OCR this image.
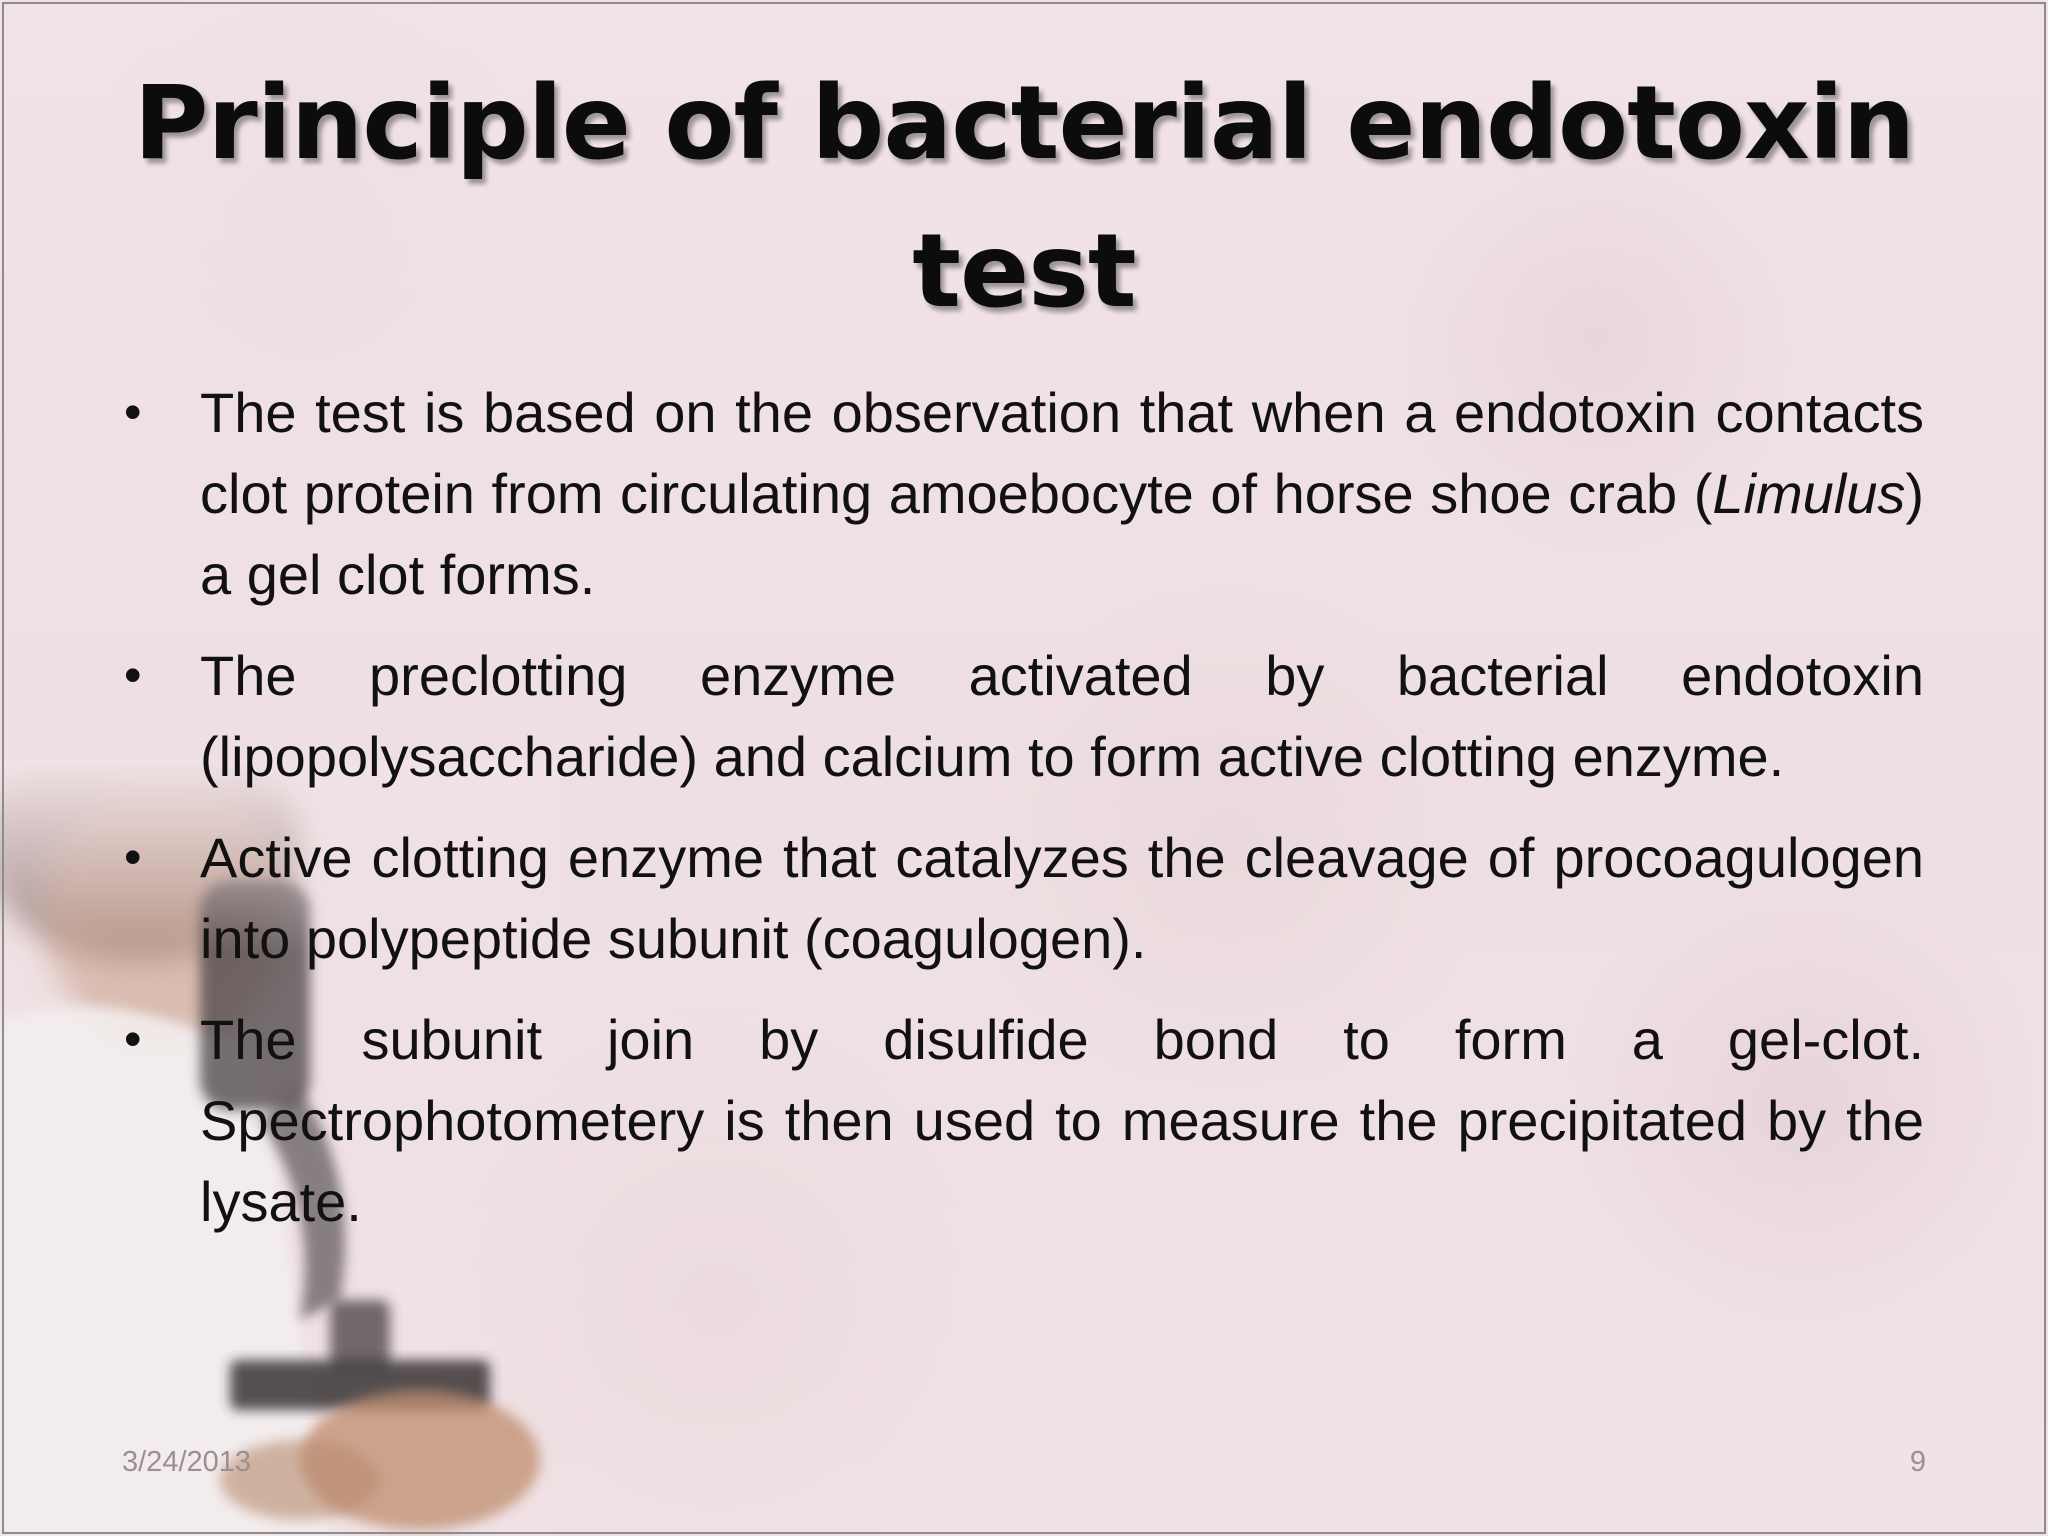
Principle of bacterial endotoxin test
• The test is based on the observation that when a endotoxin contacts clot protein from circulating amoebocyte of horse shoe crab (Limulus) a gel clot forms.
• The preclotting enzyme activated by bacterial endotoxin (lipopolysaccharide) and calcium to form active clotting enzyme.
• Active clotting enzyme that catalyzes the cleavage of procoagulogen into polypeptide subunit (coagulogen).
• The subunit join by disulfide bond to form a gel-clot. Spectrophotometery is then used to measure the precipitated by the lysate.
3/24/2013	9
